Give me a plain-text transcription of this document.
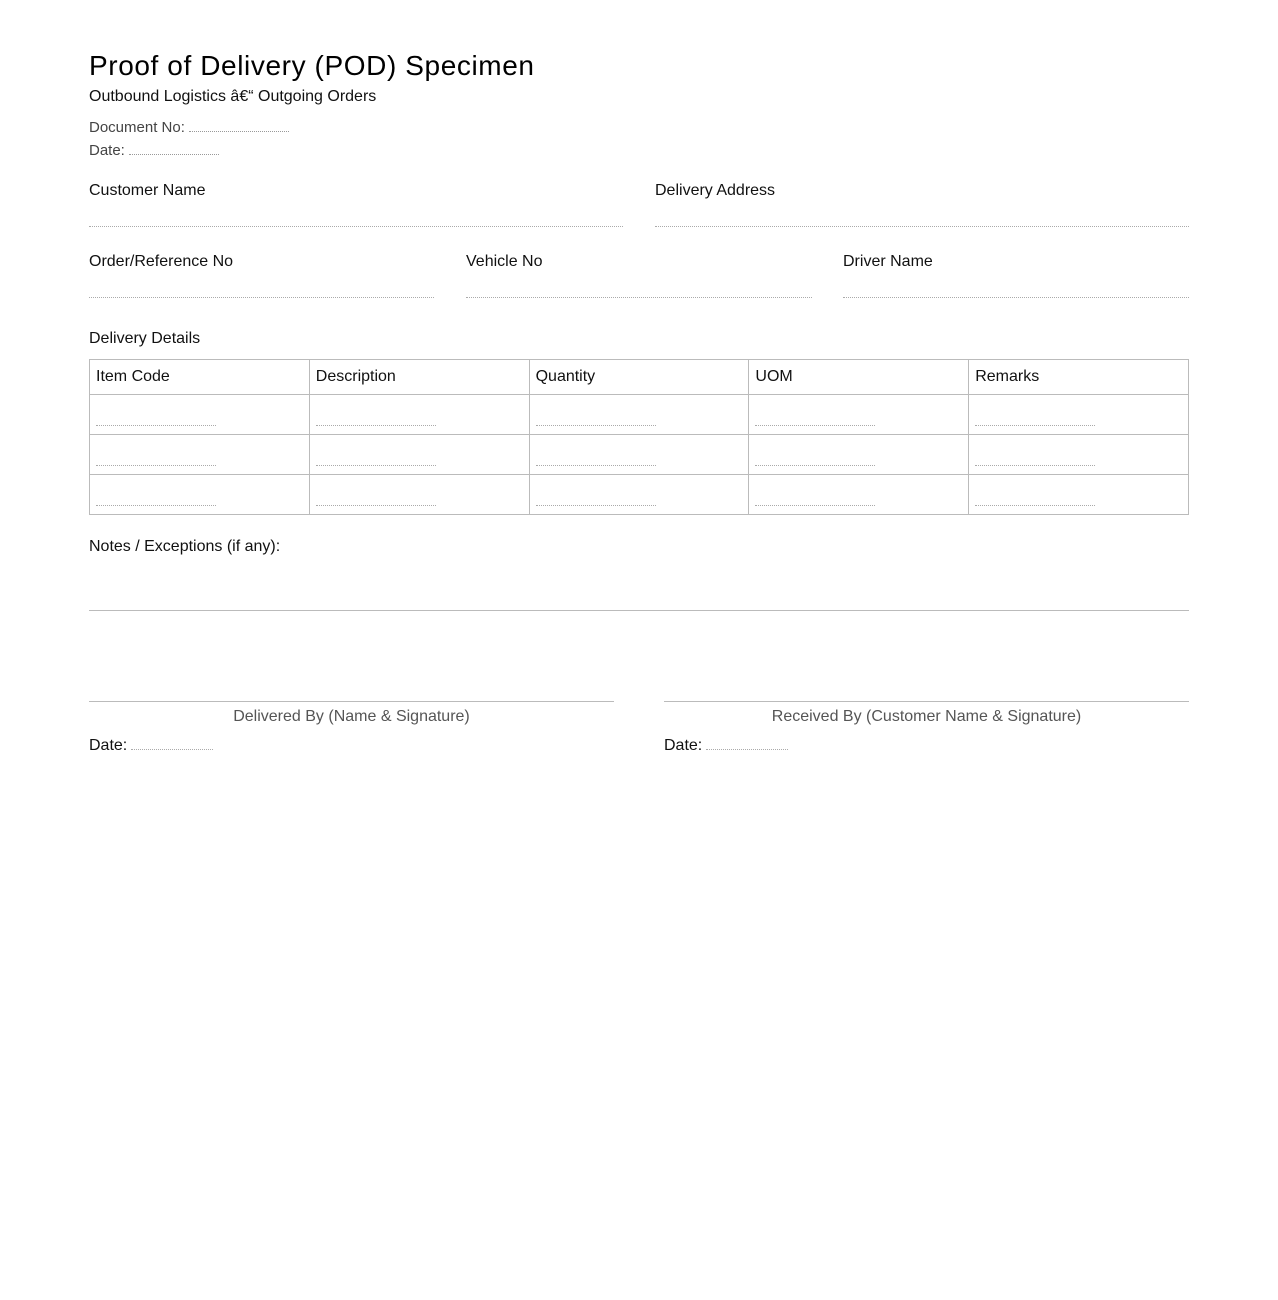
Proof of Delivery (POD) Specimen
Outbound Logistics â€“ Outgoing Orders
Document No:
Date:
Customer Name	Delivery Address
Order/Reference No	Vehicle No	Driver Name
Delivery Details
Item Code	Description	Quantity	UOM	Remarks

Notes / Exceptions (if any):
Delivered By (Name & Signature)
Date:
Received By (Customer Name & Signature)
Date:
